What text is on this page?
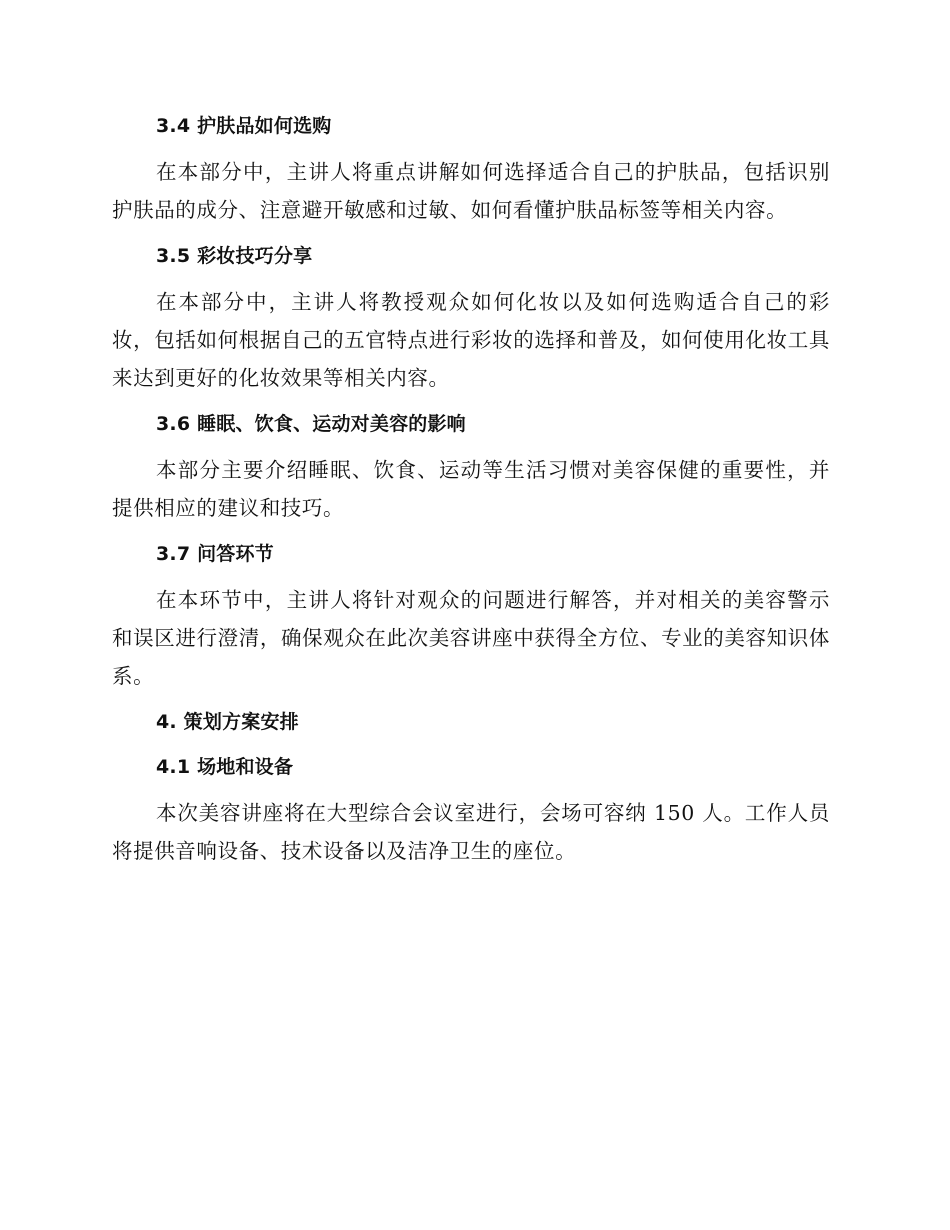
3.4 护肤品如何选购

在本部分中，主讲人将重点讲解如何选择适合自己的护肤品，包括识别护肤品的成分、注意避开敏感和过敏、如何看懂护肤品标签等相关内容。

3.5 彩妆技巧分享

在本部分中，主讲人将教授观众如何化妆以及如何选购适合自己的彩妆，包括如何根据自己的五官特点进行彩妆的选择和普及，如何使用化妆工具来达到更好的化妆效果等相关内容。

3.6 睡眠、饮食、运动对美容的影响

本部分主要介绍睡眠、饮食、运动等生活习惯对美容保健的重要性，并提供相应的建议和技巧。

3.7 问答环节

在本环节中，主讲人将针对观众的问题进行解答，并对相关的美容警示和误区进行澄清，确保观众在此次美容讲座中获得全方位、专业的美容知识体系。

4. 策划方案安排
4.1 场地和设备

本次美容讲座将在大型综合会议室进行，会场可容纳 150 人。工作人员将提供音响设备、技术设备以及洁净卫生的座位。
